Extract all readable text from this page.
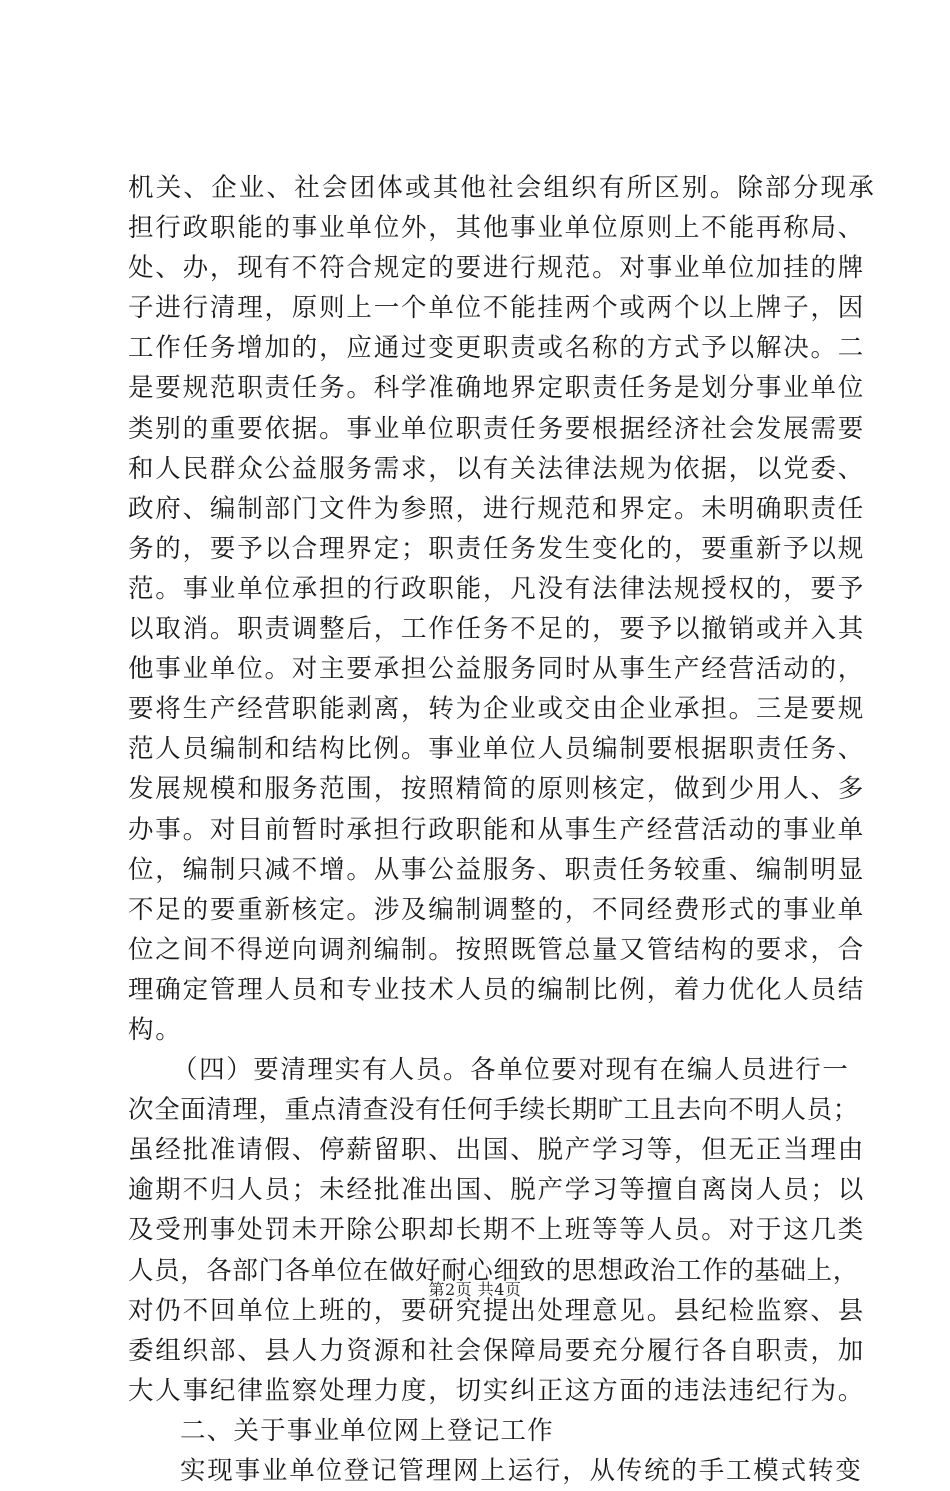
机关、企业、社会团体或其他社会组织有所区别。除部分现承
担行政职能的事业单位外，其他事业单位原则上不能再称局、
处、办，现有不符合规定的要进行规范。对事业单位加挂的牌
子进行清理，原则上一个单位不能挂两个或两个以上牌子，因
工作任务增加的，应通过变更职责或名称的方式予以解决。二
是要规范职责任务。科学准确地界定职责任务是划分事业单位
类别的重要依据。事业单位职责任务要根据经济社会发展需要
和人民群众公益服务需求，以有关法律法规为依据，以党委、
政府、编制部门文件为参照，进行规范和界定。未明确职责任
务的，要予以合理界定；职责任务发生变化的，要重新予以规
范。事业单位承担的行政职能，凡没有法律法规授权的，要予
以取消。职责调整后，工作任务不足的，要予以撤销或并入其
他事业单位。对主要承担公益服务同时从事生产经营活动的，
要将生产经营职能剥离，转为企业或交由企业承担。三是要规
范人员编制和结构比例。事业单位人员编制要根据职责任务、
发展规模和服务范围，按照精简的原则核定，做到少用人、多
办事。对目前暂时承担行政职能和从事生产经营活动的事业单
位，编制只减不增。从事公益服务、职责任务较重、编制明显
不足的要重新核定。涉及编制调整的，不同经费形式的事业单
位之间不得逆向调剂编制。按照既管总量又管结构的要求，合
理确定管理人员和专业技术人员的编制比例，着力优化人员结
构。
（四）要清理实有人员。各单位要对现有在编人员进行一
次全面清理，重点清查没有任何手续长期旷工且去向不明人员；
虽经批准请假、停薪留职、出国、脱产学习等，但无正当理由
逾期不归人员；未经批准出国、脱产学习等擅自离岗人员；以
及受刑事处罚未开除公职却长期不上班等等人员。对于这几类
人员，各部门各单位在做好耐心细致的思想政治工作的基础上，
对仍不回单位上班的，要研究提出处理意见。县纪检监察、县
委组织部、县人力资源和社会保障局要充分履行各自职责，加
大人事纪律监察处理力度，切实纠正这方面的违法违纪行为。
二、关于事业单位网上登记工作
实现事业单位登记管理网上运行，从传统的手工模式转变
第2页 共4页
